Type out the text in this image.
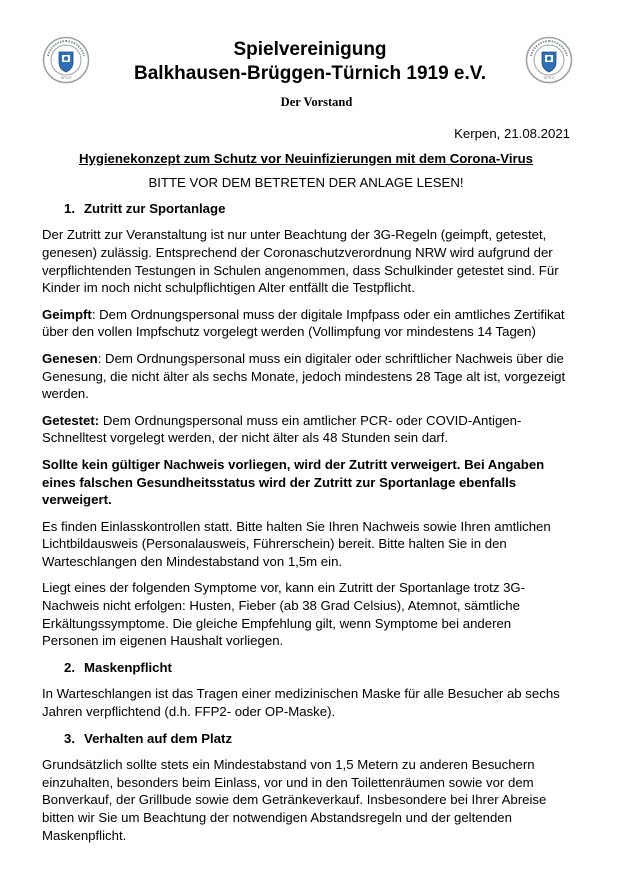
SPVG	SPVG
Spielvereinigung
Balkhausen-Brüggen-Türnich 1919 e.V.
Der Vorstand
Kerpen, 21.08.2021
Hygienekonzept zum Schutz vor Neuinfizierungen mit dem Corona-Virus
BITTE VOR DEM BETRETEN DER ANLAGE LESEN!
1. Zutritt zur Sportanlage

Der Zutritt zur Veranstaltung ist nur unter Beachtung der 3G-Regeln (geimpft, getestet, genesen) zulässig. Entsprechend der Coronaschutzverordnung NRW wird aufgrund der verpflichtenden Testungen in Schulen angenommen, dass Schulkinder getestet sind. Für Kinder im noch nicht schulpflichtigen Alter entfällt die Testpflicht.

Geimpft: Dem Ordnungspersonal muss der digitale Impfpass oder ein amtliches Zertifikat über den vollen Impfschutz vorgelegt werden (Vollimpfung vor mindestens 14 Tagen)

Genesen: Dem Ordnungspersonal muss ein digitaler oder schriftlicher Nachweis über die Genesung, die nicht älter als sechs Monate, jedoch mindestens 28 Tage alt ist, vorgezeigt werden.

Getestet: Dem Ordnungspersonal muss ein amtlicher PCR- oder COVID-Antigen-Schnelltest vorgelegt werden, der nicht älter als 48 Stunden sein darf.

Sollte kein gültiger Nachweis vorliegen, wird der Zutritt verweigert. Bei Angaben eines falschen Gesundheitsstatus wird der Zutritt zur Sportanlage ebenfalls verweigert.

Es finden Einlasskontrollen statt. Bitte halten Sie Ihren Nachweis sowie Ihren amtlichen Lichtbildausweis (Personalausweis, Führerschein) bereit. Bitte halten Sie in den Warteschlangen den Mindestabstand von 1,5m ein.

Liegt eines der folgenden Symptome vor, kann ein Zutritt der Sportanlage trotz 3G-Nachweis nicht erfolgen: Husten, Fieber (ab 38 Grad Celsius), Atemnot, sämtliche Erkältungssymptome. Die gleiche Empfehlung gilt, wenn Symptome bei anderen Personen im eigenen Haushalt vorliegen.

2. Maskenpflicht

In Warteschlangen ist das Tragen einer medizinischen Maske für alle Besucher ab sechs Jahren verpflichtend (d.h. FFP2- oder OP-Maske).

3. Verhalten auf dem Platz

Grundsätzlich sollte stets ein Mindestabstand von 1,5 Metern zu anderen Besuchern einzuhalten, besonders beim Einlass, vor und in den Toilettenräumen sowie vor dem Bonverkauf, der Grillbude sowie dem Getränkeverkauf. Insbesondere bei Ihrer Abreise bitten wir Sie um Beachtung der notwendigen Abstandsregeln und der geltenden Maskenpflicht.
